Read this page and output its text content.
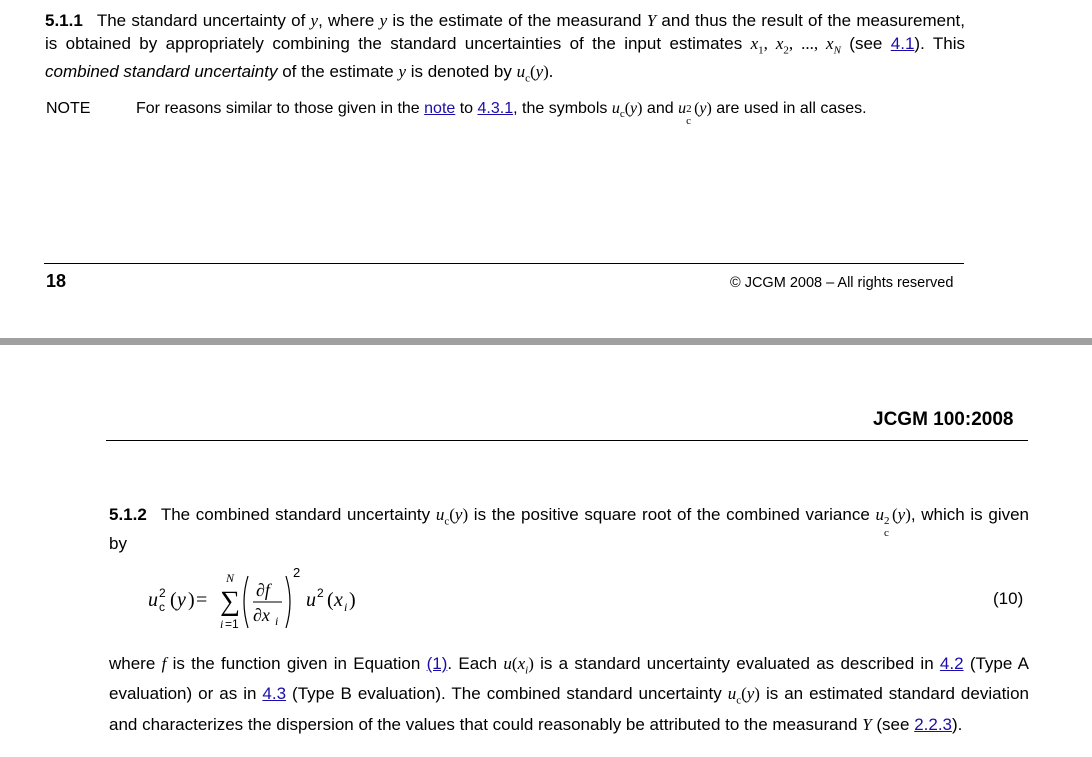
5.1.1 The standard uncertainty of y, where y is the estimate of the measurand Y and thus the result of the measurement, is obtained by appropriately combining the standard uncertainties of the input estimates $x_1$, $x_2$, ..., $x_N$ (see 4.1). This combined standard uncertainty of the estimate y is denoted by $u_c(y)$.
NOTE	For reasons similar to those given in the note to 4.3.1, the symbols $u_c(y)$ and u 2
c
(y) are used in all cases.
18	© JCGM 2008 – All rights reserved
JCGM 100:2008
5.1.2 The combined standard uncertainty $u_c(y)$ is the positive square root of the combined variance u 2
c
(y), which is given by
u 2
c ( y ) =
N
∑
i =1
∂f
∂x i
2
u 2 ( x i )	(10)
where f is the function given in Equation (1). Each $u(x_i)$ is a standard uncertainty evaluated as described in 4.2 (Type A evaluation) or as in 4.3 (Type B evaluation). The combined standard uncertainty $u_c(y)$ is an estimated standard deviation and characterizes the dispersion of the values that could reasonably be attributed to the measurand Y (see 2.2.3).
